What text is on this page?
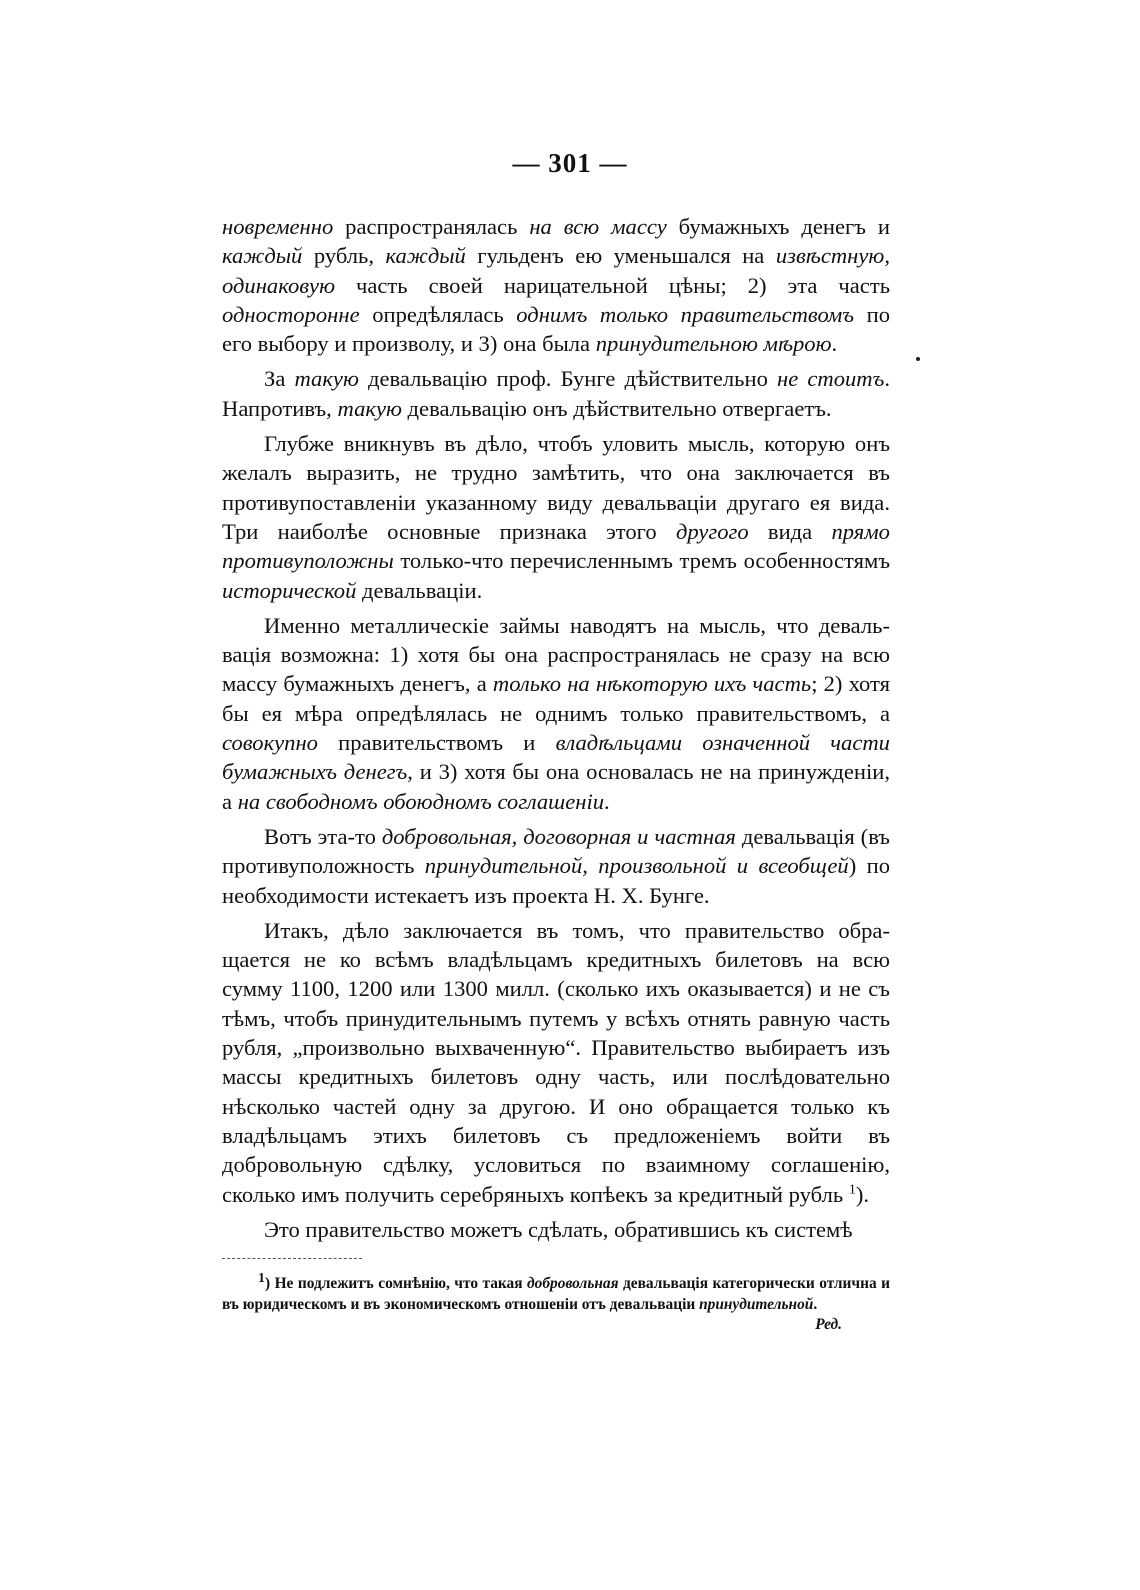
— 301 —

новременно распространялась на всю массу бумажныхъ денегъ и каждый рубль, каждый гульденъ ею уменьшался на извѣстную, одинаковую часть своей нарицательной цѣны; 2) эта часть односторонне опредѣлялась однимъ только правительствомъ по его выбору и произволу, и 3) она была принудительною мѣрою.

За такую девальвацію проф. Бунге дѣйствительно не стоитъ. Напротивъ, такую девальвацію онъ дѣйствительно отвергаетъ.

Глубже вникнувъ въ дѣло, чтобъ уловить мысль, которую онъ желалъ выразить, не трудно замѣтить, что она заключается въ противупоставленіи указанному виду девальваціи другаго ея вида. Три наиболѣе основные признака этого другого вида прямо противуположны только-что перечисленнымъ тремъ особенностямъ исторической девальваціи.

Именно металлическіе займы наводятъ на мысль, что девальвація возможна: 1) хотя бы она распространялась не сразу на всю массу бумажныхъ денегъ, а только на нѣкоторую ихъ часть; 2) хотя бы ея мѣра опредѣлялась не однимъ только правительствомъ, а совокупно правительствомъ и владѣльцами означенной части бумажныхъ денегъ, и 3) хотя бы она основалась не на принужденіи, а на свободномъ обоюдномъ соглашеніи.

Вотъ эта-то добровольная, договорная и частная девальвація (въ противуположность принудительной, произвольной и всеобщей) по необходимости истекаетъ изъ проекта Н. Х. Бунге.

Итакъ, дѣло заключается въ томъ, что правительство обращается не ко всѣмъ владѣльцамъ кредитныхъ билетовъ на всю сумму 1100, 1200 или 1300 милл. (сколько ихъ оказывается) и не съ тѣмъ, чтобъ принудительнымъ путемъ у всѣхъ отнять равную часть рубля, „произвольно выхваченную“. Правительство выбираетъ изъ массы кредитныхъ билетовъ одну часть, или послѣдовательно нѣсколько частей одну за другою. И оно обращается только къ владѣльцамъ этихъ билетовъ съ предложеніемъ войти въ добровольную сдѣлку, условиться по взаимному соглашенію, сколько имъ получить серебряныхъ копѣекъ за кредитный рубль $^1$).

Это правительство можетъ сдѣлать, обратившись къ системѣ

1) Не подлежитъ сомнѣнію, что такая добровольная девальвація категорически отлична и въ юридическомъ и въ экономическомъ отношеніи отъ девальваціи принудительной.
Ред.
